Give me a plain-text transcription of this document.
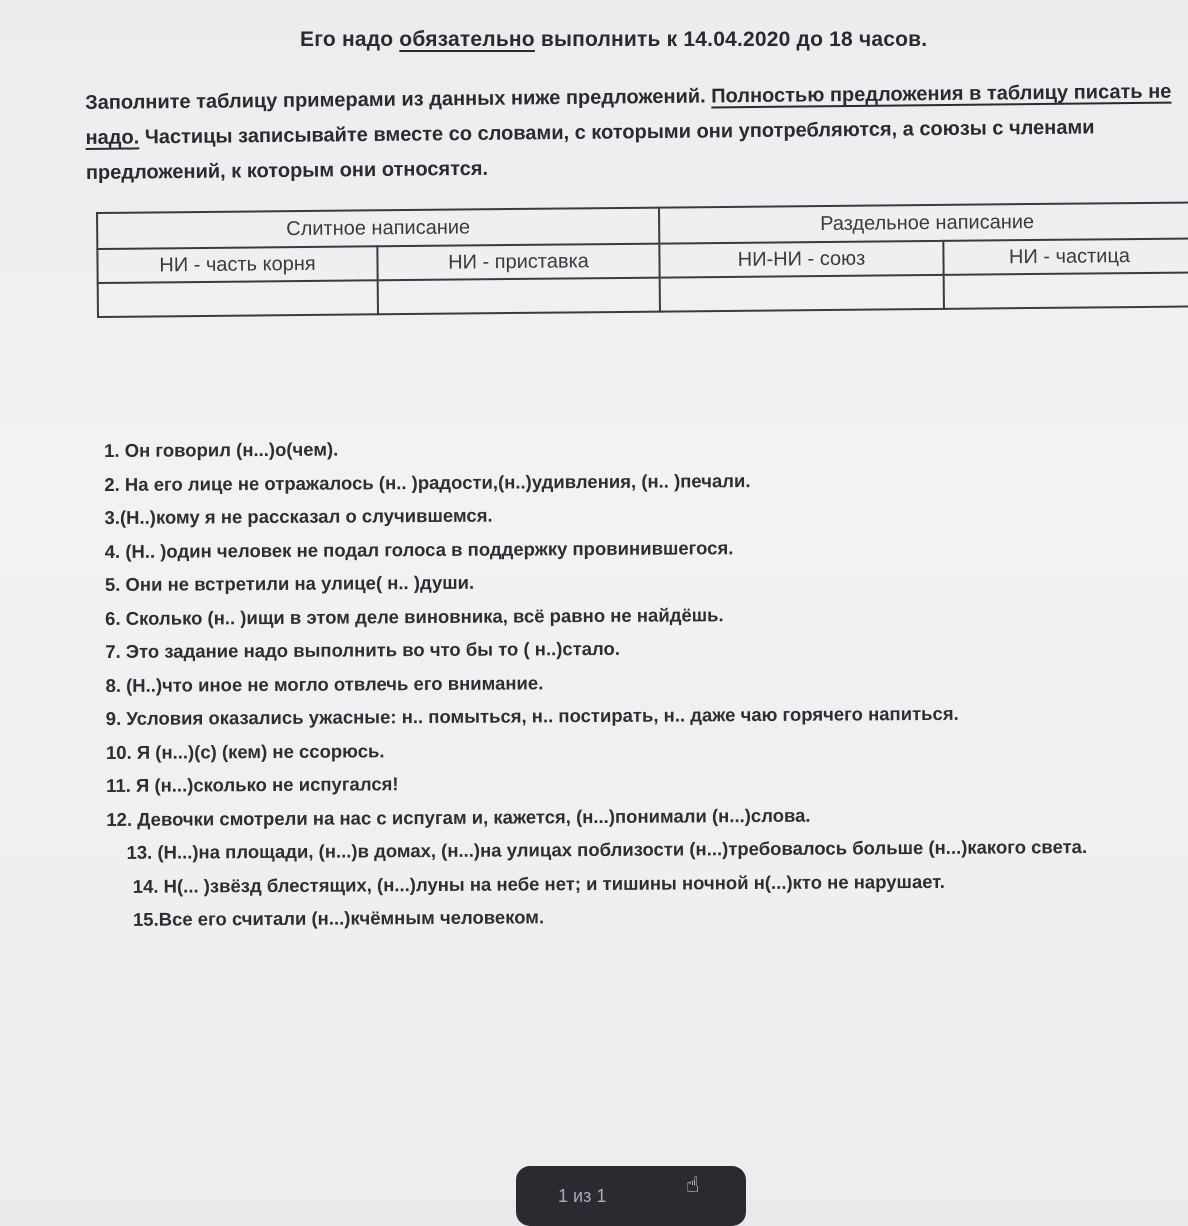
Его надо обязательно выполнить к 14.04.2020 до 18 часов.
Заполните таблицу примерами из данных ниже предложений. Полностью предложения в таблицу писать не надо. Частицы записывайте вместе со словами, с которыми они употребляются, а союзы с членами предложений, к которым они относятся.
Слитное написание		Раздельное написание	
НИ - часть корня	НИ - приставка	НИ-НИ - союз	НИ - частица

1. Он говорил (н...)о(чем).
2. На его лице не отражалось (н.. )радости,(н..)удивления, (н.. )печали.
3.(Н..)кому я не рассказал о случившемся.
4. (Н.. )один человек не подал голоса в поддержку провинившегося.
5. Они не встретили на улице( н.. )души.
6. Сколько (н.. )ищи в этом деле виновника, всё равно не найдёшь.
7. Это задание надо выполнить во что бы то ( н..)стало.
8. (Н..)что иное не могло отвлечь его внимание.
9. Условия оказались ужасные: н.. помыться, н.. постирать, н.. даже чаю горячего напиться.
10. Я (н...)(с) (кем) не ссорюсь.
11. Я (н...)сколько не испугался!
12. Девочки смотрели на нас с испугам и, кажется, (н...)понимали (н...)слова.
13. (Н...)на площади, (н...)в домах, (н...)на улицах поблизости (н...)требовалось больше (н...)какого света.
14. Н(... )звёзд блестящих, (н...)луны на небе нет; и тишины ночной н(...)кто не нарушает.
15.Все его считали (н...)кчёмным человеком.
1 из 1	☝
